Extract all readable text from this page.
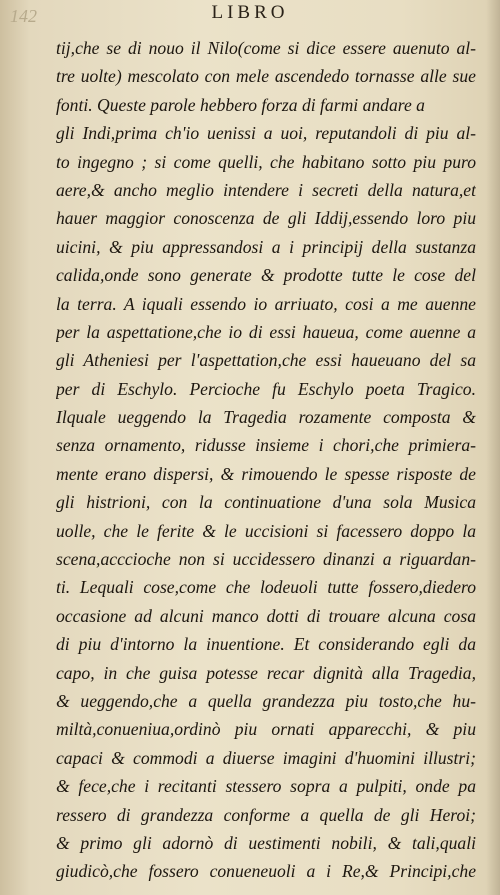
142	LIBRO
tij,che se di nouo il Nilo(come si dice essere auenuto al-
tre uolte) mescolato con mele ascendedo tornasse alle sue
fonti. Queste parole hebbero forza di farmi andare a
gli Indi,prima ch'io uenissi a uoi, reputandoli di piu al-
to ingegno ; si come quelli, che habitano sotto piu puro
aere,& ancho meglio intendere i secreti della natura,et
hauer maggior conoscenza de gli Iddij,essendo loro piu
uicini, & piu appressandosi a i principij della sustanza
calida,onde sono generate & prodotte tutte le cose del
la terra. A iquali essendo io arriuato, cosi a me auenne
per la aspettatione,che io di essi haueua, come auenne a
gli Atheniesi per l'aspettation,che essi haueuano del sa
per di Eschylo. Percioche fu Eschylo poeta Tragico.
Ilquale ueggendo la Tragedia rozamente composta &
senza ornamento, ridusse insieme i chori,che primiera-
mente erano dispersi, & rimouendo le spesse risposte de
gli histrioni, con la continuatione d'una sola Musica
uolle, che le ferite & le uccisioni si facessero doppo la
scena,acccioche non si uccidessero dinanzi a riguardan-
ti. Lequali cose,come che lodeuoli tutte fossero,diedero
occasione ad alcuni manco dotti di trouare alcuna cosa
di piu d'intorno la inuentione. Et considerando egli da
capo, in che guisa potesse recar dignità alla Tragedia,
& ueggendo,che a quella grandezza piu tosto,che hu-
miltà,conueniua,ordinò piu ornati apparecchi, & piu
capaci & commodi a diuerse imagini d'huomini illustri;
& fece,che i recitanti stessero sopra a pulpiti, onde pa
ressero di grandezza conforme a quella de gli Heroi;
& primo gli adornò di uestimenti nobili, & tali,quali
giudicò,che fossero conueneuoli a i Re,& Principi,che
